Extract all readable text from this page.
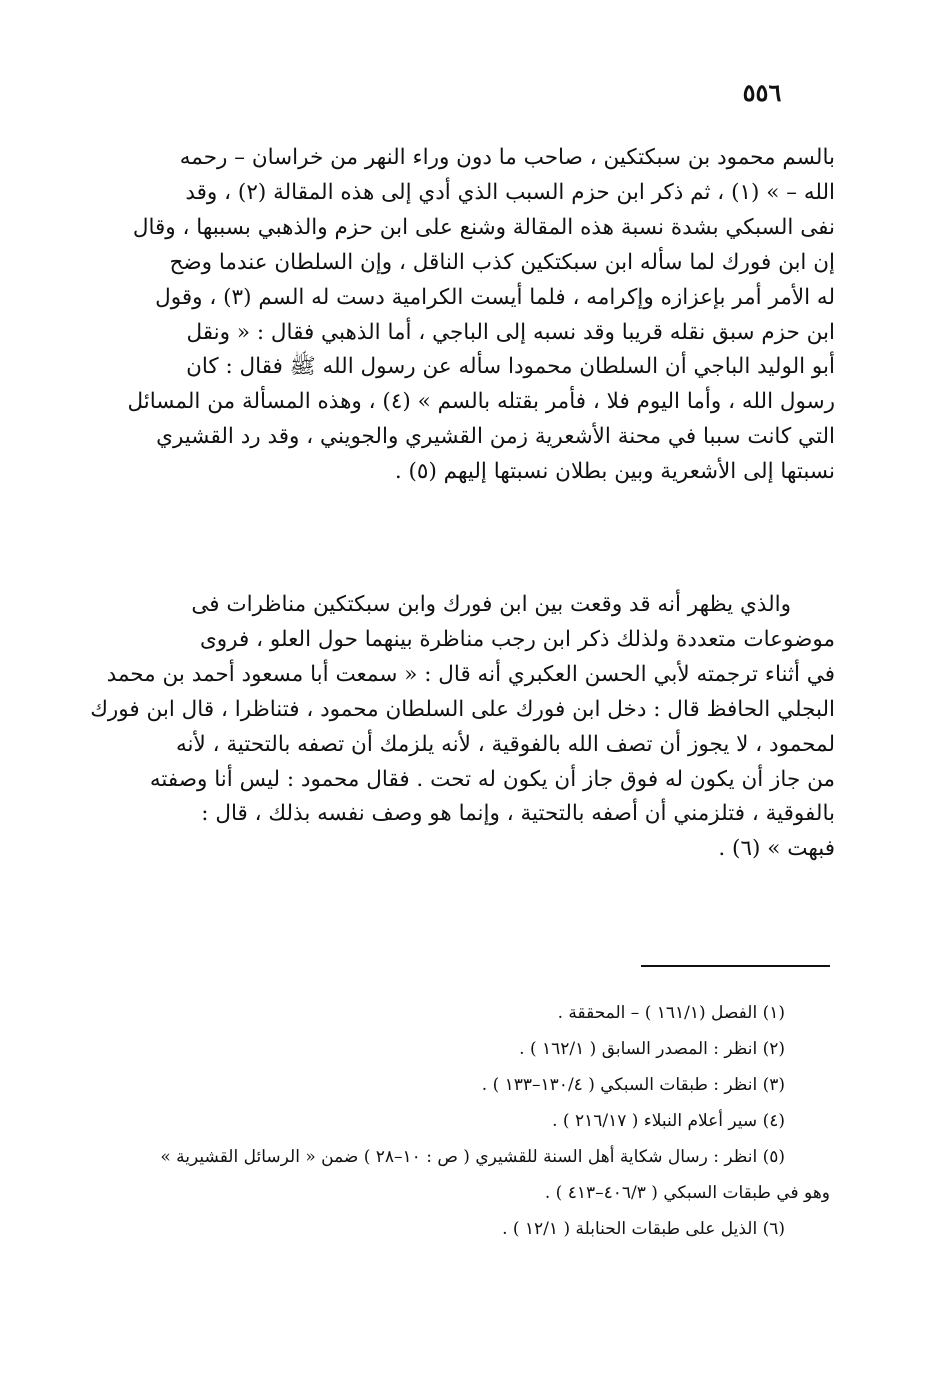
٥٥٦
بالسم محمود بن سبكتكين ، صاحب ما دون وراء النهر من خراسان – رحمه
الله – » (١) ، ثم ذكر ابن حزم السبب الذي أدي إلى هذه المقالة (٢) ، وقد
نفى السبكي بشدة نسبة هذه المقالة وشنع على ابن حزم والذهبي بسببها ، وقال
إن ابن فورك لما سأله ابن سبكتكين كذب الناقل ، وإن السلطان عندما وضح
له الأمر أمر بإعزازه وإكرامه ، فلما أيست الكرامية دست له السم (٣) ، وقول
ابن حزم سبق نقله قريبا وقد نسبه إلى الباجي ، أما الذهبي فقال : « ونقل
أبو الوليد الباجي أن السلطان محمودا سأله عن رسول الله ﷺ فقال : كان
رسول الله ، وأما اليوم فلا ، فأمر بقتله بالسم » (٤) ، وهذه المسألة من المسائل
التي كانت سببا في محنة الأشعرية زمن القشيري والجويني ، وقد رد القشيري
نسبتها إلى الأشعرية وبين بطلان نسبتها إليهم (٥) .
والذي يظهر أنه قد وقعت بين ابن فورك وابن سبكتكين مناظرات فى
موضوعات متعددة ولذلك ذكر ابن رجب مناظرة بينهما حول العلو ، فروى
في أثناء ترجمته لأبي الحسن العكبري أنه قال : « سمعت أبا مسعود أحمد بن محمد
البجلي الحافظ قال : دخل ابن فورك على السلطان محمود ، فتناظرا ، قال ابن فورك
لمحمود ، لا يجوز أن تصف الله بالفوقية ، لأنه يلزمك أن تصفه بالتحتية ، لأنه
من جاز أن يكون له فوق جاز أن يكون له تحت . فقال محمود : ليس أنا وصفته
بالفوقية ، فتلزمني أن أصفه بالتحتية ، وإنما هو وصف نفسه بذلك ، قال :
فبهت » (٦) .
(١) الفصل (١٦١/١ ) – المحققة .
(٢) انظر : المصدر السابق ( ١٦٢/١ ) .
(٣) انظر : طبقات السبكي ( ١٣٠/٤–١٣٣ ) .
(٤) سير أعلام النبلاء ( ٢١٦/١٧ ) .
(٥) انظر : رسال شكاية أهل السنة للقشيري ( ص : ١٠–٢٨ ) ضمن « الرسائل القشيرية »
وهو في طبقات السبكي ( ٤٠٦/٣–٤١٣ ) .
(٦) الذيل على طبقات الحنابلة ( ١٢/١ ) .
